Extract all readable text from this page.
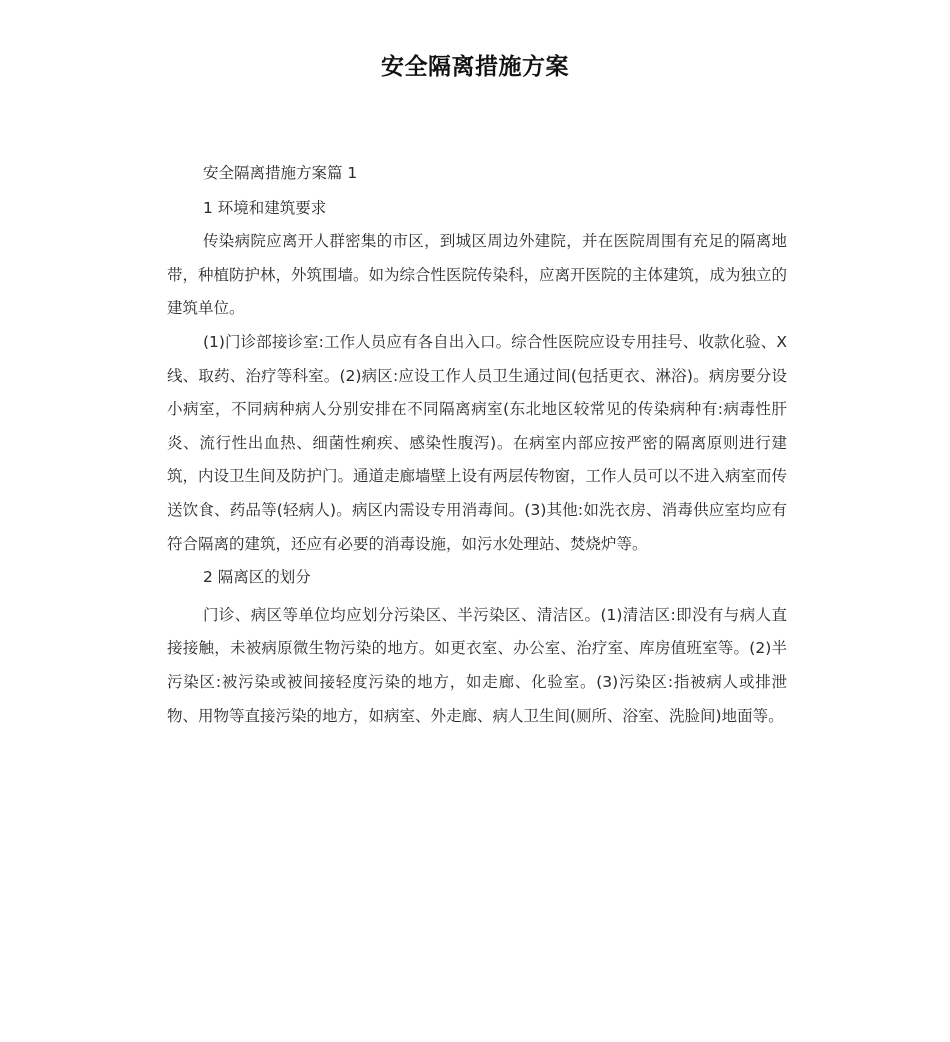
安全隔离措施方案

安全隔离措施方案篇 1

1 环境和建筑要求

传染病院应离开人群密集的市区，到城区周边外建院，并在医院周围有充足的隔离地带，种植防护林，外筑围墙。如为综合性医院传染科，应离开医院的主体建筑，成为独立的建筑单位。

(1)门诊部接诊室:工作人员应有各自出入口。综合性医院应设专用挂号、收款化验、X 线、取药、治疗等科室。(2)病区:应设工作人员卫生通过间(包括更衣、淋浴)。病房要分设小病室，不同病种病人分别安排在不同隔离病室(东北地区较常见的传染病种有:病毒性肝炎、流行性出血热、细菌性痢疾、感染性腹泻)。在病室内部应按严密的隔离原则进行建筑，内设卫生间及防护门。通道走廊墙壁上设有两层传物窗，工作人员可以不进入病室而传送饮食、药品等(轻病人)。病区内需设专用消毒间。(3)其他:如洗衣房、消毒供应室均应有符合隔离的建筑，还应有必要的消毒设施，如污水处理站、焚烧炉等。

2 隔离区的划分

门诊、病区等单位均应划分污染区、半污染区、清洁区。(1)清洁区:即没有与病人直接接触，未被病原微生物污染的地方。如更衣室、办公室、治疗室、库房值班室等。(2)半污染区:被污染或被间接轻度污染的地方，如走廊、化验室。(3)污染区:指被病人或排泄物、用物等直接污染的地方，如病室、外走廊、病人卫生间(厕所、浴室、洗脸间)地面等。
